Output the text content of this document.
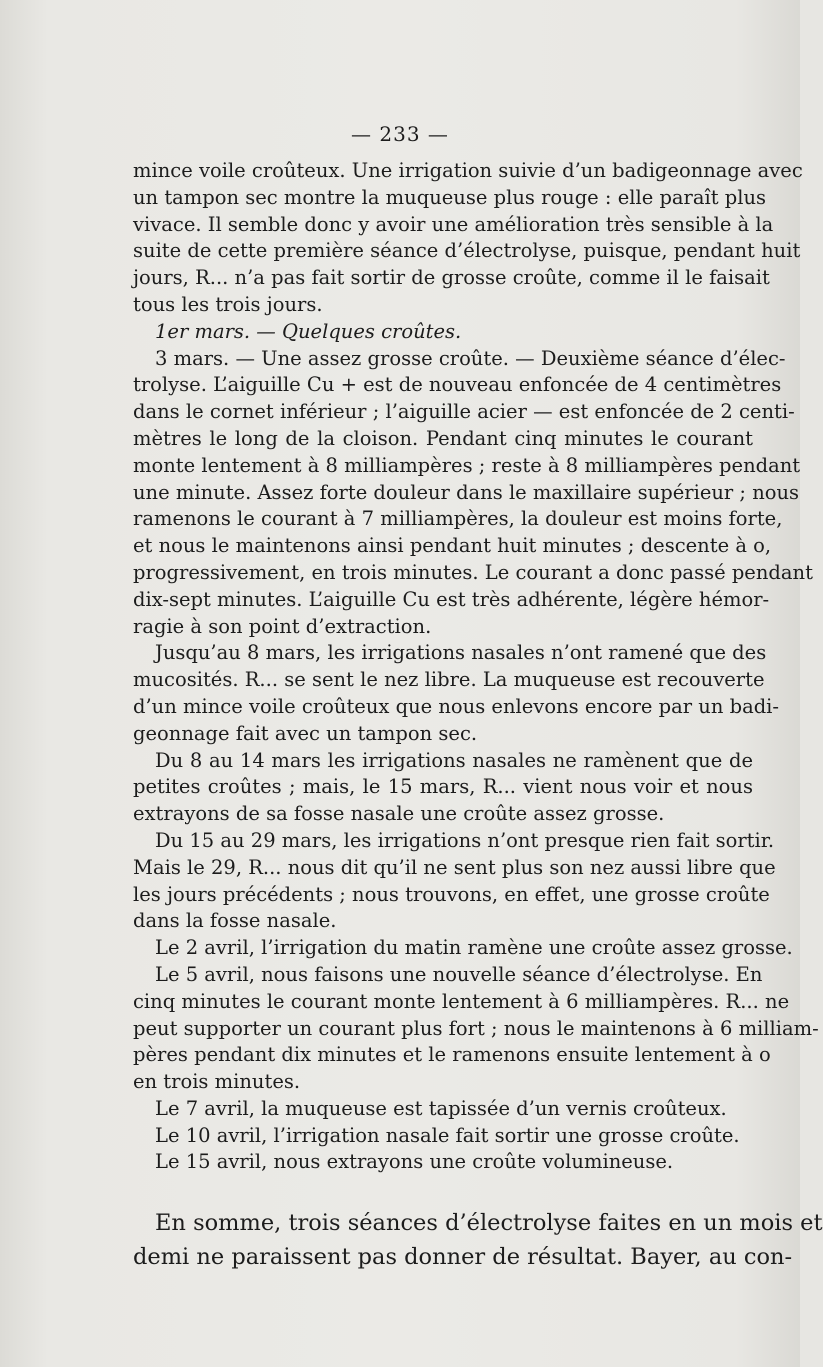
— 233 —
mince voile croûteux. Une irrigation suivie d’un badigeonnage avec
un tampon sec montre la muqueuse plus rouge : elle paraît plus
vivace. Il semble donc y avoir une amélioration très sensible à la
suite de cette première séance d’électrolyse, puisque, pendant huit
jours, R... n’a pas fait sortir de grosse croûte, comme il le faisait
tous les trois jours.
1er mars. — Quelques croûtes.
3 mars. — Une assez grosse croûte. — Deuxième séance d’élec-
trolyse. L’aiguille Cu + est de nouveau enfoncée de 4 centimètres
dans le cornet inférieur ; l’aiguille acier — est enfoncée de 2 centi-
mètres le long de la cloison. Pendant cinq minutes le courant
monte lentement à 8 milliampères ; reste à 8 milliampères pendant
une minute. Assez forte douleur dans le maxillaire supérieur ; nous
ramenons le courant à 7 milliampères, la douleur est moins forte,
et nous le maintenons ainsi pendant huit minutes ; descente à o,
progressivement, en trois minutes. Le courant a donc passé pendant
dix-sept minutes. L’aiguille Cu est très adhérente, légère hémor-
ragie à son point d’extraction.
Jusqu’au 8 mars, les irrigations nasales n’ont ramené que des
mucosités. R... se sent le nez libre. La muqueuse est recouverte
d’un mince voile croûteux que nous enlevons encore par un badi-
geonnage fait avec un tampon sec.
Du 8 au 14 mars les irrigations nasales ne ramènent que de
petites croûtes ; mais, le 15 mars, R... vient nous voir et nous
extrayons de sa fosse nasale une croûte assez grosse.
Du 15 au 29 mars, les irrigations n’ont presque rien fait sortir.
Mais le 29, R... nous dit qu’il ne sent plus son nez aussi libre que
les jours précédents ; nous trouvons, en effet, une grosse croûte
dans la fosse nasale.
Le 2 avril, l’irrigation du matin ramène une croûte assez grosse.
Le 5 avril, nous faisons une nouvelle séance d’électrolyse. En
cinq minutes le courant monte lentement à 6 milliampères. R... ne
peut supporter un courant plus fort ; nous le maintenons à 6 milliam-
pères pendant dix minutes et le ramenons ensuite lentement à o
en trois minutes.
Le 7 avril, la muqueuse est tapissée d’un vernis croûteux.
Le 10 avril, l’irrigation nasale fait sortir une grosse croûte.
Le 15 avril, nous extrayons une croûte volumineuse.
En somme, trois séances d’électrolyse faites en un mois et
demi ne paraissent pas donner de résultat. Bayer, au con-
